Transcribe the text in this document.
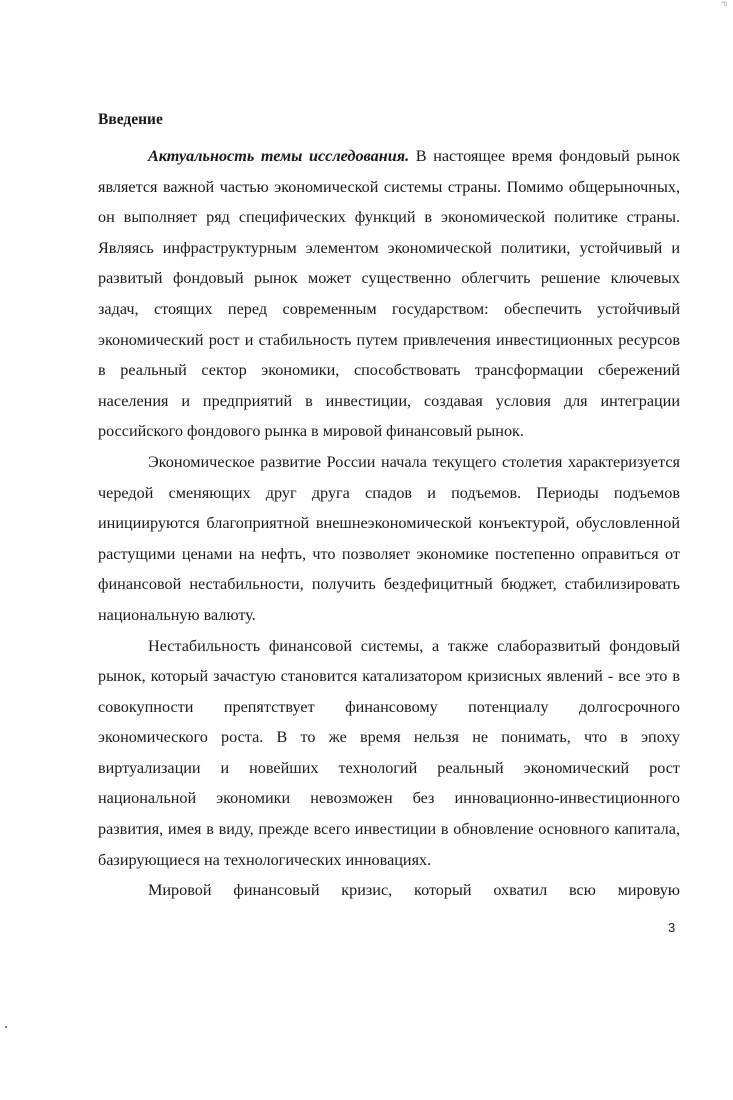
"0
Введение

Актуальность темы исследования. В настоящее время фондовый рынок является важной частью экономической системы страны. Помимо общерыночных, он выполняет ряд специфических функций в экономической политике страны. Являясь инфраструктурным элементом экономической политики, устойчивый и развитый фондовый рынок может существенно облегчить решение ключевых задач, стоящих перед современным государством: обеспечить устойчивый экономический рост и стабильность путем привлечения инвестиционных ресурсов в реальный сектор экономики, способствовать трансформации сбережений населения и предприятий в инвестиции, создавая условия для интеграции российского фондового рынка в мировой финансовый рынок.

Экономическое развитие России начала текущего столетия характеризуется чередой сменяющих друг друга спадов и подъемов. Периоды подъемов инициируются благоприятной внешнеэкономической конъектурой, обусловленной растущими ценами на нефть, что позволяет экономике постепенно оправиться от финансовой нестабильности, получить бездефицитный бюджет, стабилизировать национальную валюту.

Нестабильность финансовой системы, а также слаборазвитый фондовый рынок, который зачастую становится катализатором кризисных явлений - все это в совокупности препятствует финансовому потенциалу долгосрочного экономического роста. В то же время нельзя не понимать, что в эпоху виртуализации и новейших технологий реальный экономический рост национальной экономики невозможен без инновационно-инвестиционного развития, имея в виду, прежде всего инвестиции в обновление основного капитала, базирующиеся на технологических инновациях.

Мировой финансовый кризис, который охватил всю мировую

3
